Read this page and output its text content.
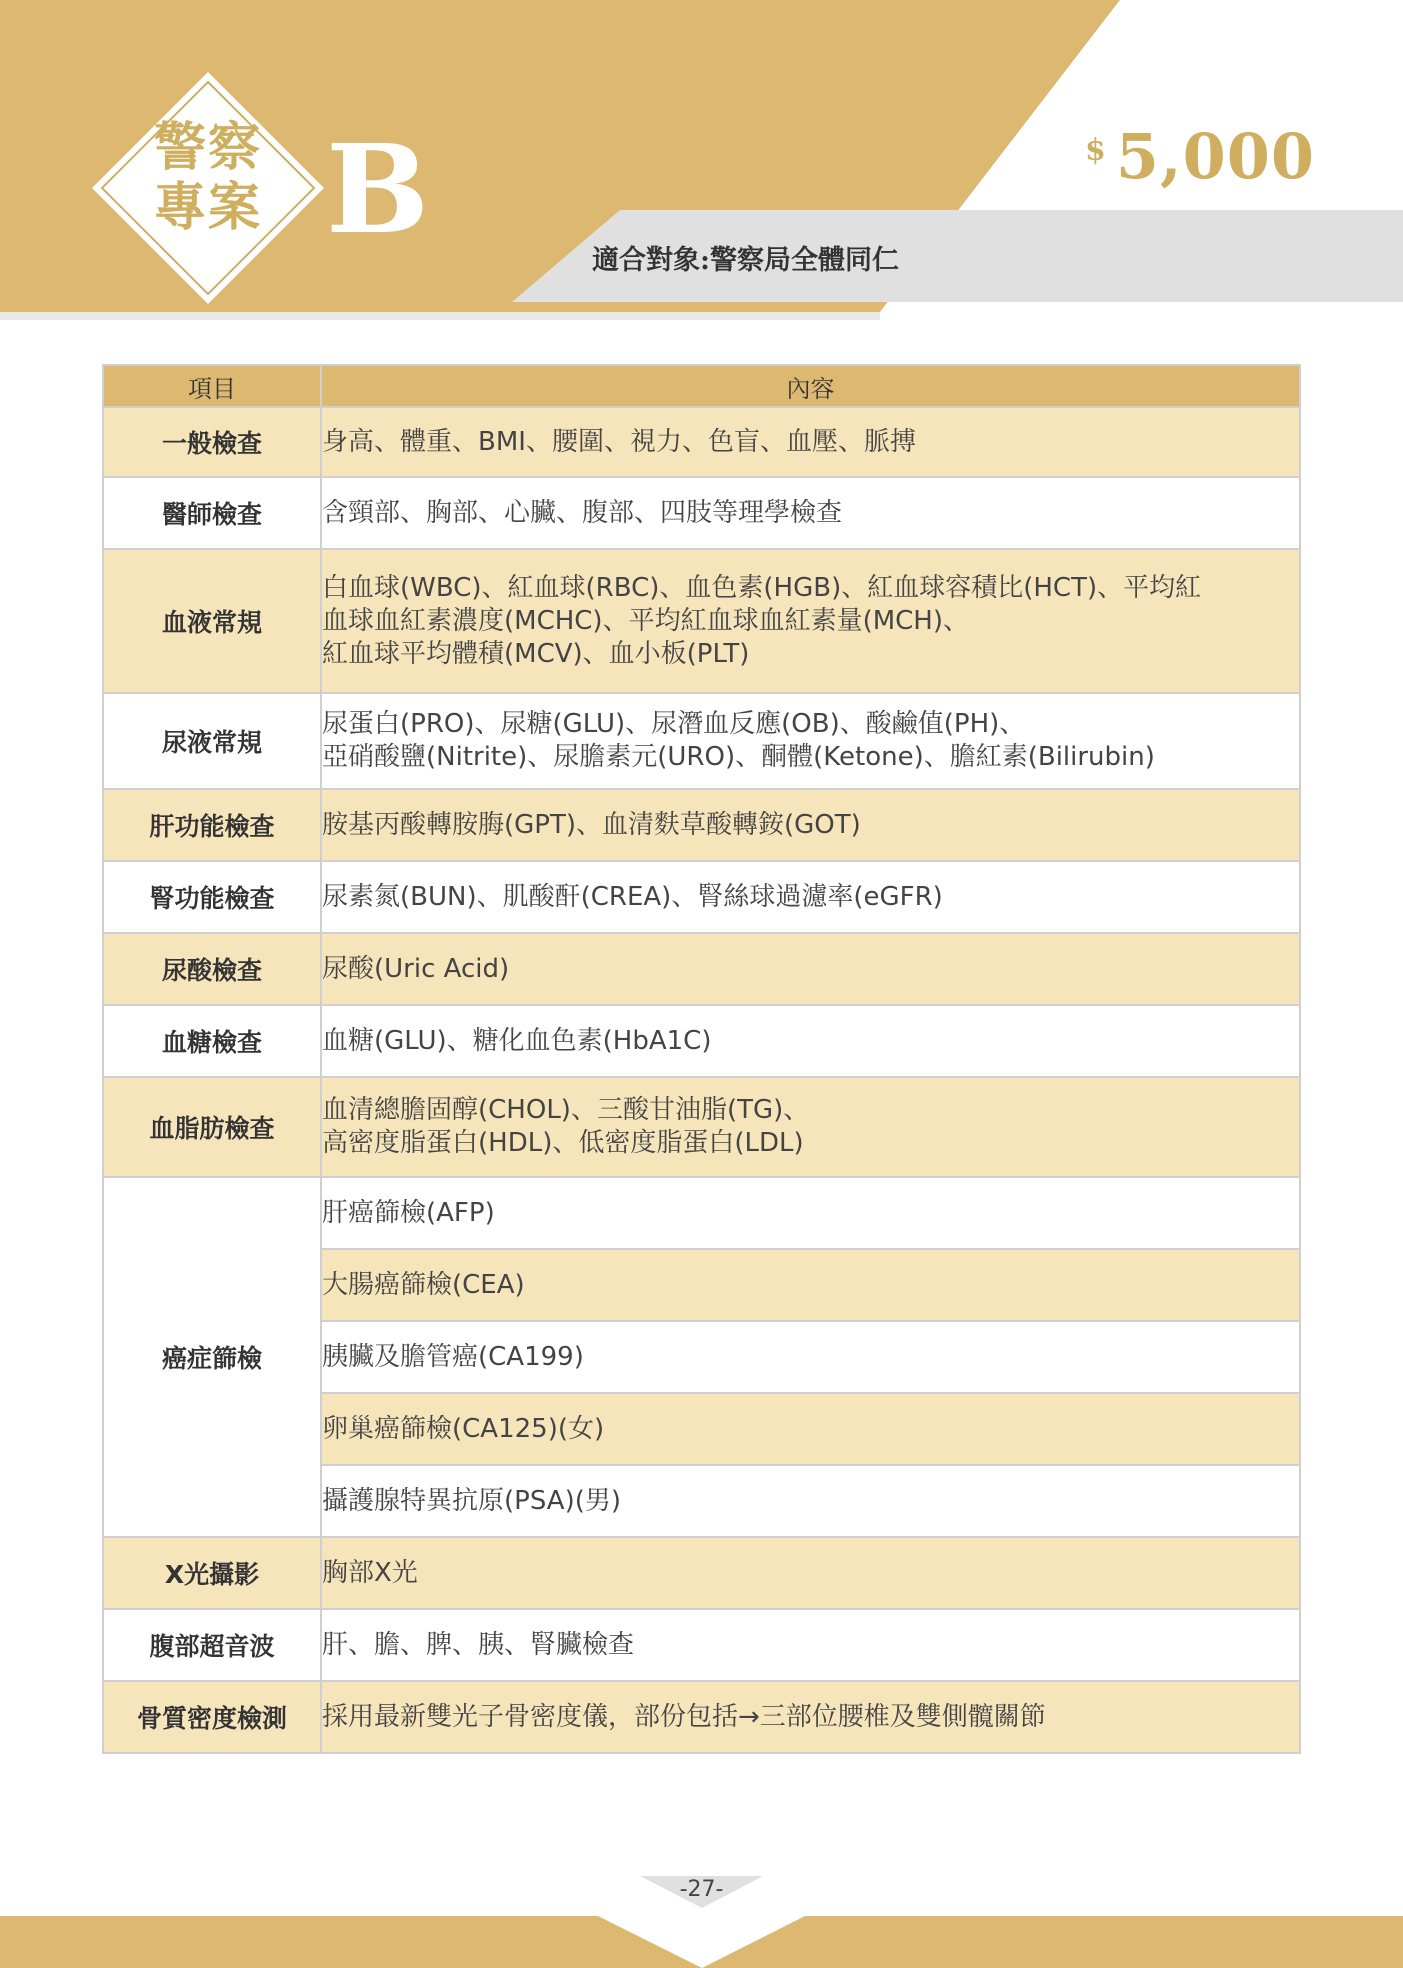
警察
專案 B	$ 5,000
適合對象:警察局全體同仁
項目	內容
一般檢查	身高、體重、BMI、腰圍、視力、色盲、血壓、脈搏

醫師檢查	含頸部、胸部、心臟、腹部、四肢等理學檢查

血液常規	白血球(WBC)、紅血球(RBC)、血色素(HGB)、紅血球容積比(HCT)、平均紅
血球血紅素濃度(MCHC)、平均紅血球血紅素量(MCH)、
紅血球平均體積(MCV)、血小板(PLT)

尿液常規	尿蛋白(PRO)、尿糖(GLU)、尿潛血反應(OB)、酸鹼值(PH)、
亞硝酸鹽(Nitrite)、尿膽素元(URO)、酮體(Ketone)、膽紅素(Bilirubin)

肝功能檢查	胺基丙酸轉胺脢(GPT)、血清麩草酸轉銨(GOT)

腎功能檢查	尿素氮(BUN)、肌酸酐(CREA)、腎絲球過濾率(eGFR)

尿酸檢查	尿酸(Uric Acid)

血糖檢查	血糖(GLU)、糖化血色素(HbA1C)

血脂肪檢查	血清總膽固醇(CHOL)、三酸甘油脂(TG)、
高密度脂蛋白(HDL)、低密度脂蛋白(LDL)

癌症篩檢	肝癌篩檢(AFP)

	大腸癌篩檢(CEA)

	胰臟及膽管癌(CA199)

	卵巢癌篩檢(CA125)(女)

	攝護腺特異抗原(PSA)(男)

X光攝影	胸部X光

腹部超音波	肝、膽、脾、胰、腎臟檢查

骨質密度檢測	採用最新雙光子骨密度儀，部份包括→三部位腰椎及雙側髖關節
-27-
